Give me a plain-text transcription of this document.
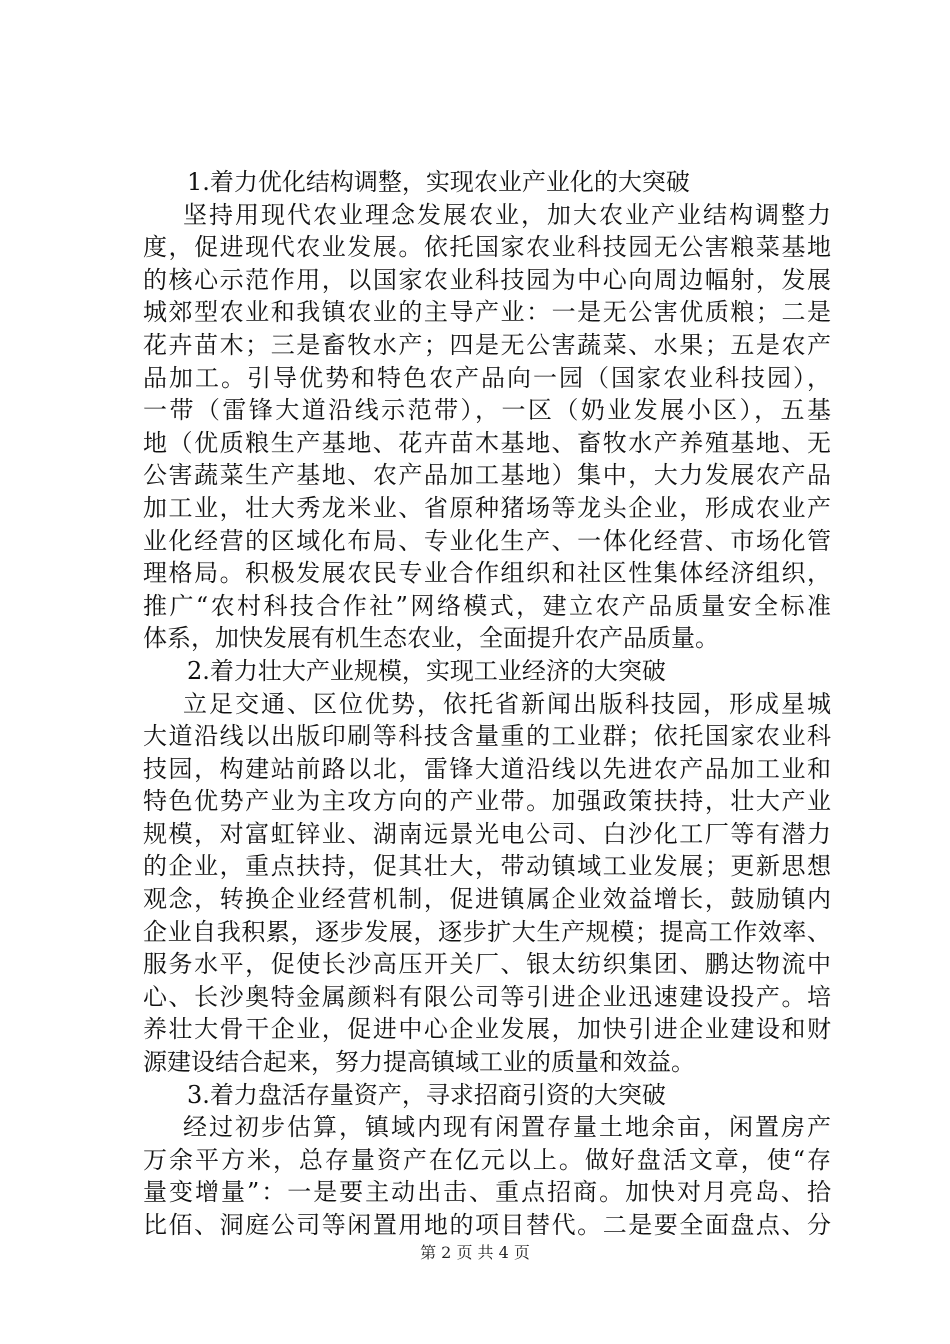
1.着力优化结构调整，实现农业产业化的大突破
坚持用现代农业理念发展农业，加大农业产业结构调整力
度，促进现代农业发展。依托国家农业科技园无公害粮菜基地
的核心示范作用，以国家农业科技园为中心向周边幅射，发展
城郊型农业和我镇农业的主导产业：一是无公害优质粮；二是
花卉苗木；三是畜牧水产；四是无公害蔬菜、水果；五是农产
品加工。引导优势和特色农产品向一园（国家农业科技园），
一带（雷锋大道沿线示范带），一区（奶业发展小区），五基
地（优质粮生产基地、花卉苗木基地、畜牧水产养殖基地、无
公害蔬菜生产基地、农产品加工基地）集中，大力发展农产品
加工业，壮大秀龙米业、省原种猪场等龙头企业，形成农业产
业化经营的区域化布局、专业化生产、一体化经营、市场化管
理格局。积极发展农民专业合作组织和社区性集体经济组织，
推广“农村科技合作社”网络模式，建立农产品质量安全标准
体系，加快发展有机生态农业，全面提升农产品质量。
2.着力壮大产业规模，实现工业经济的大突破
立足交通、区位优势，依托省新闻出版科技园，形成星城
大道沿线以出版印刷等科技含量重的工业群；依托国家农业科
技园，构建站前路以北，雷锋大道沿线以先进农产品加工业和
特色优势产业为主攻方向的产业带。加强政策扶持，壮大产业
规模，对富虹锌业、湖南远景光电公司、白沙化工厂等有潜力
的企业，重点扶持，促其壮大，带动镇域工业发展；更新思想
观念，转换企业经营机制，促进镇属企业效益增长，鼓励镇内
企业自我积累，逐步发展，逐步扩大生产规模；提高工作效率、
服务水平，促使长沙高压开关厂、银太纺织集团、鹏达物流中
心、长沙奥特金属颜料有限公司等引进企业迅速建设投产。培
养壮大骨干企业，促进中心企业发展，加快引进企业建设和财
源建设结合起来，努力提高镇域工业的质量和效益。
3.着力盘活存量资产，寻求招商引资的大突破
经过初步估算，镇域内现有闲置存量土地余亩，闲置房产
万余平方米，总存量资产在亿元以上。做好盘活文章，使“存
量变增量”：一是要主动出击、重点招商。加快对月亮岛、拾
比佰、洞庭公司等闲置用地的项目替代。二是要全面盘点、分
第 2 页 共 4 页
